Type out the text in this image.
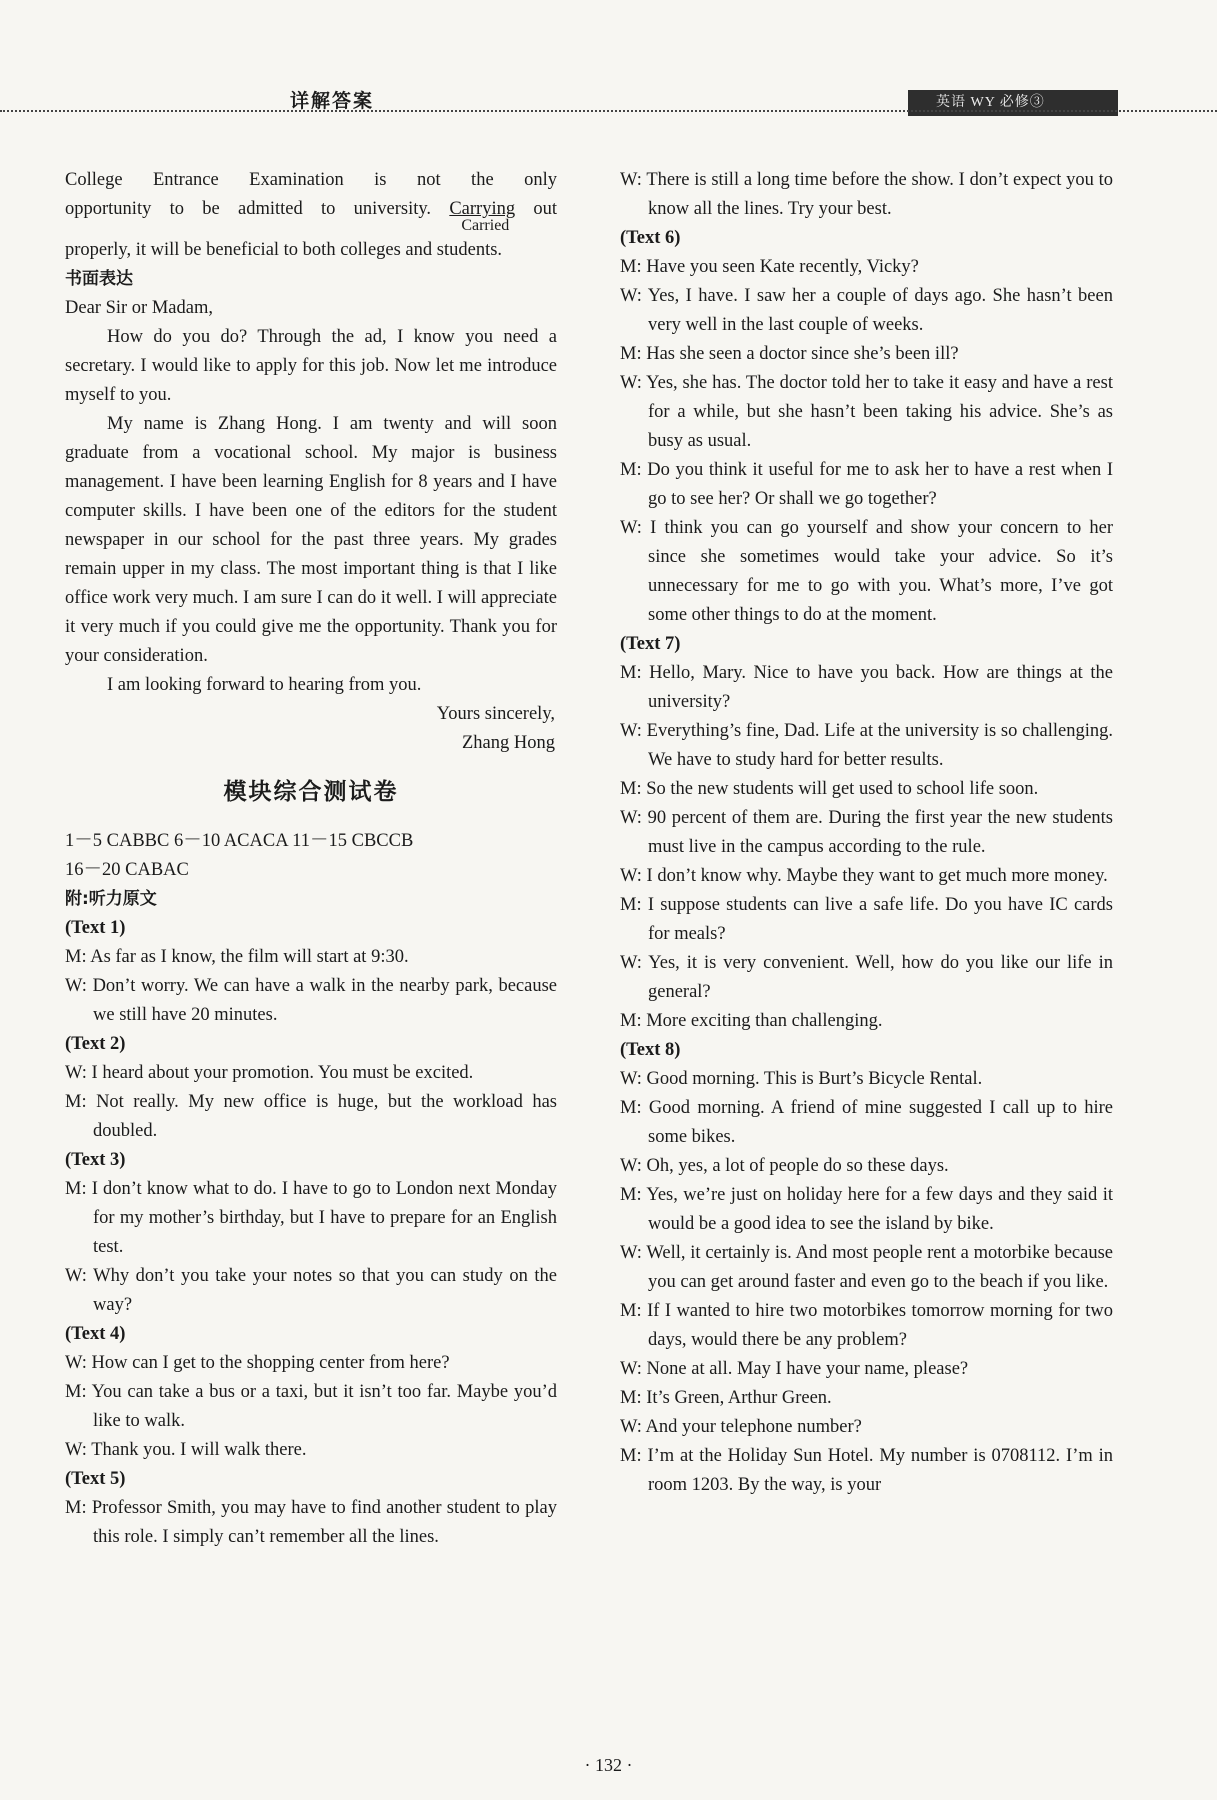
详解答案	英语 WY 必修③

College Entrance Examination is not the only

opportunity to be admitted to university. Carrying
Carried
out

properly, it will be beneficial to both colleges and students.

书面表达

Dear Sir or Madam,

How do you do? Through the ad, I know you need a secretary. I would like to apply for this job. Now let me introduce myself to you.

My name is Zhang Hong. I am twenty and will soon graduate from a vocational school. My major is business management. I have been learning English for 8 years and I have computer skills. I have been one of the editors for the student newspaper in our school for the past three years. My grades remain upper in my class. The most important thing is that I like office work very much. I am sure I can do it well. I will appreciate it very much if you could give me the opportunity. Thank you for your consideration.

I am looking forward to hearing from you.

Yours sincerely,

Zhang Hong

模块综合测试卷

1－5 CABBC 6－10 ACACA 11－15 CBCCB

16－20 CABAC

附:听力原文

(Text 1)

M: As far as I know, the film will start at 9:30.

W: Don’t worry. We can have a walk in the nearby park, because we still have 20 minutes.

(Text 2)

W: I heard about your promotion. You must be excited.

M: Not really. My new office is huge, but the workload has doubled.

(Text 3)

M: I don’t know what to do. I have to go to London next Monday for my mother’s birthday, but I have to prepare for an English test.

W: Why don’t you take your notes so that you can study on the way?

(Text 4)

W: How can I get to the shopping center from here?

M: You can take a bus or a taxi, but it isn’t too far. Maybe you’d like to walk.

W: Thank you. I will walk there.

(Text 5)

M: Professor Smith, you may have to find another student to play this role. I simply can’t remember all the lines.

W: There is still a long time before the show. I don’t expect you to know all the lines. Try your best.

(Text 6)

M: Have you seen Kate recently, Vicky?

W: Yes, I have. I saw her a couple of days ago. She hasn’t been very well in the last couple of weeks.

M: Has she seen a doctor since she’s been ill?

W: Yes, she has. The doctor told her to take it easy and have a rest for a while, but she hasn’t been taking his advice. She’s as busy as usual.

M: Do you think it useful for me to ask her to have a rest when I go to see her? Or shall we go together?

W: I think you can go yourself and show your concern to her since she sometimes would take your advice. So it’s unnecessary for me to go with you. What’s more, I’ve got some other things to do at the moment.

(Text 7)

M: Hello, Mary. Nice to have you back. How are things at the university?

W: Everything’s fine, Dad. Life at the university is so challenging. We have to study hard for better results.

M: So the new students will get used to school life soon.

W: 90 percent of them are. During the first year the new students must live in the campus according to the rule.

W: I don’t know why. Maybe they want to get much more money.

M: I suppose students can live a safe life. Do you have IC cards for meals?

W: Yes, it is very convenient. Well, how do you like our life in general?

M: More exciting than challenging.

(Text 8)

W: Good morning. This is Burt’s Bicycle Rental.

M: Good morning. A friend of mine suggested I call up to hire some bikes.

W: Oh, yes, a lot of people do so these days.

M: Yes, we’re just on holiday here for a few days and they said it would be a good idea to see the island by bike.

W: Well, it certainly is. And most people rent a motorbike because you can get around faster and even go to the beach if you like.

M: If I wanted to hire two motorbikes tomorrow morning for two days, would there be any problem?

W: None at all. May I have your name, please?

M: It’s Green, Arthur Green.

W: And your telephone number?

M: I’m at the Holiday Sun Hotel. My number is 0708112. I’m in room 1203. By the way, is your

· 132 ·
